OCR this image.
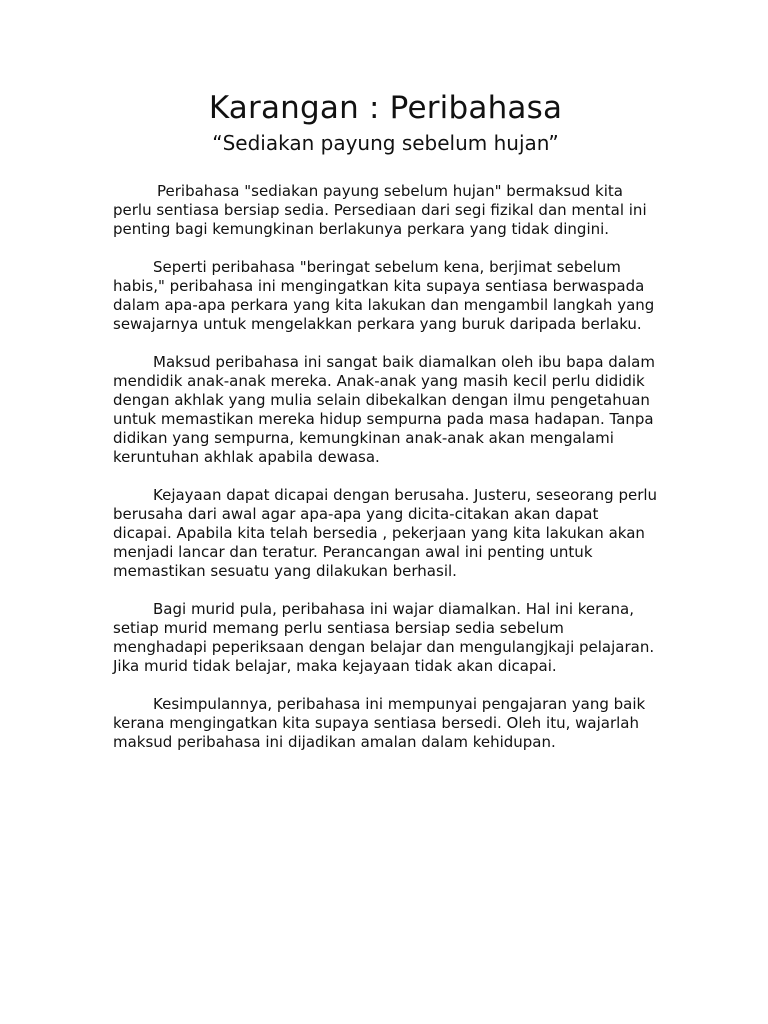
Karangan : Peribahasa
“Sediakan payung sebelum hujan”

Peribahasa "sediakan payung sebelum hujan" bermaksud kita perlu sentiasa bersiap sedia. Persediaan dari segi fizikal dan mental ini penting bagi kemungkinan berlakunya perkara yang tidak dingini.

Seperti peribahasa "beringat sebelum kena, berjimat sebelum habis," peribahasa ini mengingatkan kita supaya sentiasa berwaspada dalam apa-apa perkara yang kita lakukan dan mengambil langkah yang sewajarnya untuk mengelakkan perkara yang buruk daripada berlaku.

Maksud peribahasa ini sangat baik diamalkan oleh ibu bapa dalam mendidik anak-anak mereka. Anak-anak yang masih kecil perlu dididik dengan akhlak yang mulia selain dibekalkan dengan ilmu pengetahuan untuk memastikan mereka hidup sempurna pada masa hadapan. Tanpa didikan yang sempurna, kemungkinan anak-anak akan mengalami keruntuhan akhlak apabila dewasa.

Kejayaan dapat dicapai dengan berusaha. Justeru, seseorang perlu berusaha dari awal agar apa-apa yang dicita-citakan akan dapat dicapai. Apabila kita telah bersedia , pekerjaan yang kita lakukan akan menjadi lancar dan teratur. Perancangan awal ini penting untuk memastikan sesuatu yang dilakukan berhasil.

Bagi murid pula, peribahasa ini wajar diamalkan. Hal ini kerana, setiap murid memang perlu sentiasa bersiap sedia sebelum menghadapi peperiksaan dengan belajar dan mengulangjkaji pelajaran. Jika murid tidak belajar, maka kejayaan tidak akan dicapai.

Kesimpulannya, peribahasa ini mempunyai pengajaran yang baik kerana mengingatkan kita supaya sentiasa bersedi. Oleh itu, wajarlah maksud peribahasa ini dijadikan amalan dalam kehidupan.
